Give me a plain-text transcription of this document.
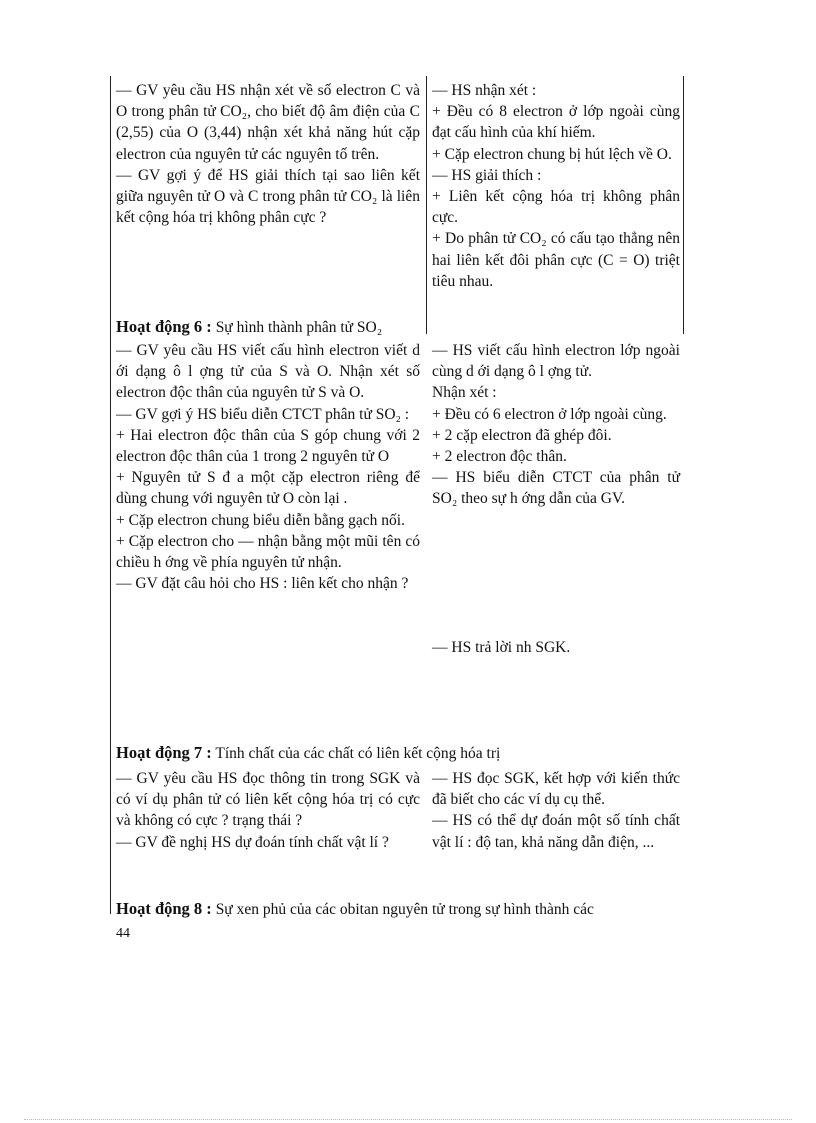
— GV yêu cầu HS nhận xét về số electron C và O trong phân tử CO₂, cho biết độ âm điện của C (2,55) của O (3,44) nhận xét khả năng hút cặp electron của nguyên tử các nguyên tố trên.
— GV gợi ý để HS giải thích tại sao liên kết giữa nguyên tử O và C trong phân tử CO₂ là liên kết cộng hóa trị không phân cực ?
— HS nhận xét :
+ Đều có 8 electron ở lớp ngoài cùng đạt cấu hình của khí hiếm.
+ Cặp electron chung bị hút lệch về O.
— HS giải thích :
+ Liên kết cộng hóa trị không phân cực.
+ Do phân tử CO₂ có cấu tạo thẳng nên hai liên kết đôi phân cực (C = O) triệt tiêu nhau.
Hoạt động 6 : Sự hình thành phân tử SO₂
— GV yêu cầu HS viết cấu hình electron viết d ới dạng ô l ợng tử của S và O. Nhận xét số electron độc thân của nguyên tử S và O.
— GV gợi ý HS biểu diễn CTCT phân tử SO₂ :
+ Hai electron độc thân của S góp chung với 2 electron độc thân của 1 trong 2 nguyên tử O
+ Nguyên tử S đ a một cặp electron riêng để dùng chung với nguyên tử O còn lại .
+ Cặp electron chung biểu diễn bằng gạch nối.
+ Cặp electron cho — nhận bằng một mũi tên có chiều h ớng về phía nguyên tử nhận.
— GV đặt câu hỏi cho HS : liên kết cho nhận ?
— HS viết cấu hình electron lớp ngoài cùng d ới dạng ô l ợng tử.
Nhận xét :
+ Đều có 6 electron ở lớp ngoài cùng.
+ 2 cặp electron đã ghép đôi.
+ 2 electron độc thân.
— HS biểu diễn CTCT của phân tử SO₂ theo sự h ớng dẫn của GV.
— HS trả lời nh SGK.
Hoạt động 7 : Tính chất của các chất có liên kết cộng hóa trị
— GV yêu cầu HS đọc thông tin trong SGK và có ví dụ phân tử có liên kết cộng hóa trị có cực và không có cực ? trạng thái ?
— GV đề nghị HS dự đoán tính chất vật lí ?
— HS đọc SGK, kết hợp với kiến thức đã biết cho các ví dụ cụ thể.
— HS có thể dự đoán một số tính chất vật lí : độ tan, khả năng dẫn điện, ...
Hoạt động 8 : Sự xen phủ của các obitan nguyên tử trong sự hình thành các
44
